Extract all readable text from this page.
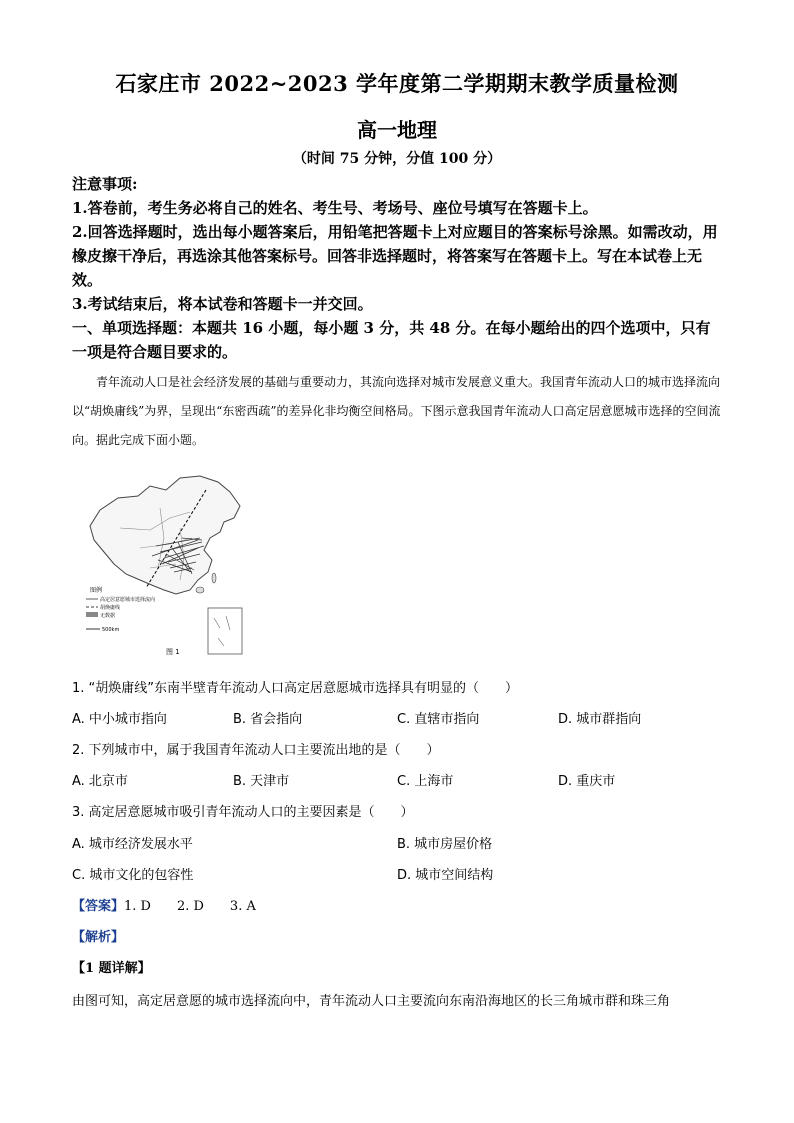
石家庄市 2022~2023 学年度第二学期期末教学质量检测
高一地理
（时间 75 分钟，分值 100 分）

注意事项:

1.答卷前，考生务必将自己的姓名、考生号、考场号、座位号填写在答题卡上。

2.回答选择题时，选出每小题答案后，用铅笔把答题卡上对应题目的答案标号涂黑。如需改动，用橡皮擦干净后，再选涂其他答案标号。回答非选择题时，将答案写在答题卡上。写在本试卷上无效。

3.考试结束后，将本试卷和答题卡一并交回。

一、单项选择题：本题共 16 小题，每小题 3 分，共 48 分。在每小题给出的四个选项中，只有一项是符合题目要求的。

青年流动人口是社会经济发展的基础与重要动力，其流向选择对城市发展意义重大。我国青年流动人口的城市选择流向以“胡焕庸线”为界，呈现出“东密西疏”的差异化非均衡空间格局。下图示意我国青年流动人口高定居意愿城市选择的空间流向。据此完成下面小题。

图例
高定居意愿城市选择流向
胡焕庸线
无数据
500km
图 1
1. “胡焕庸线”东南半壁青年流动人口高定居意愿城市选择具有明显的（　　）
A. 中小城市指向	B. 省会指向	C. 直辖市指向	D. 城市群指向
2. 下列城市中，属于我国青年流动人口主要流出地的是（　　）
A. 北京市	B. 天津市	C. 上海市	D. 重庆市
3. 高定居意愿城市吸引青年流动人口的主要因素是（　　）
A. 城市经济发展水平	B. 城市房屋价格
C. 城市文化的包容性	D. 城市空间结构
【答案】1. D　　2. D　　3. A
【解析】
【1 题详解】
由图可知，高定居意愿的城市选择流向中，青年流动人口主要流向东南沿海地区的长三角城市群和珠三角
